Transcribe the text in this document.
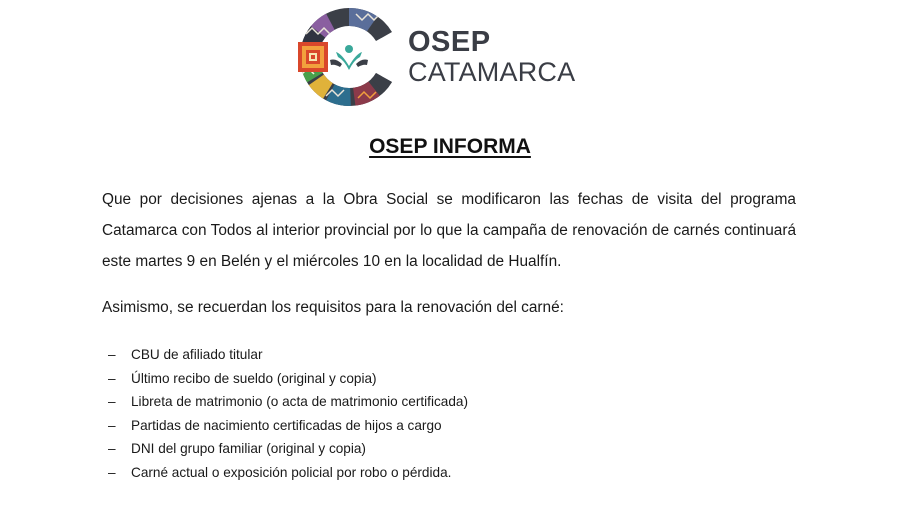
OSEP
CATAMARCA
OSEP INFORMA
Que por decisiones ajenas a la Obra Social se modificaron las fechas de visita del programa Catamarca con Todos al interior provincial por lo que la campaña de renovación de carnés continuará este martes 9 en Belén y el miércoles 10 en la localidad de Hualfín.
Asimismo, se recuerdan los requisitos para la renovación del carné:
–	CBU de afiliado titular
–	Último recibo de sueldo (original y copia)
–	Libreta de matrimonio (o acta de matrimonio certificada)
–	Partidas de nacimiento certificadas de hijos a cargo
–	DNI del grupo familiar (original y copia)
–	Carné actual o exposición policial por robo o pérdida.
